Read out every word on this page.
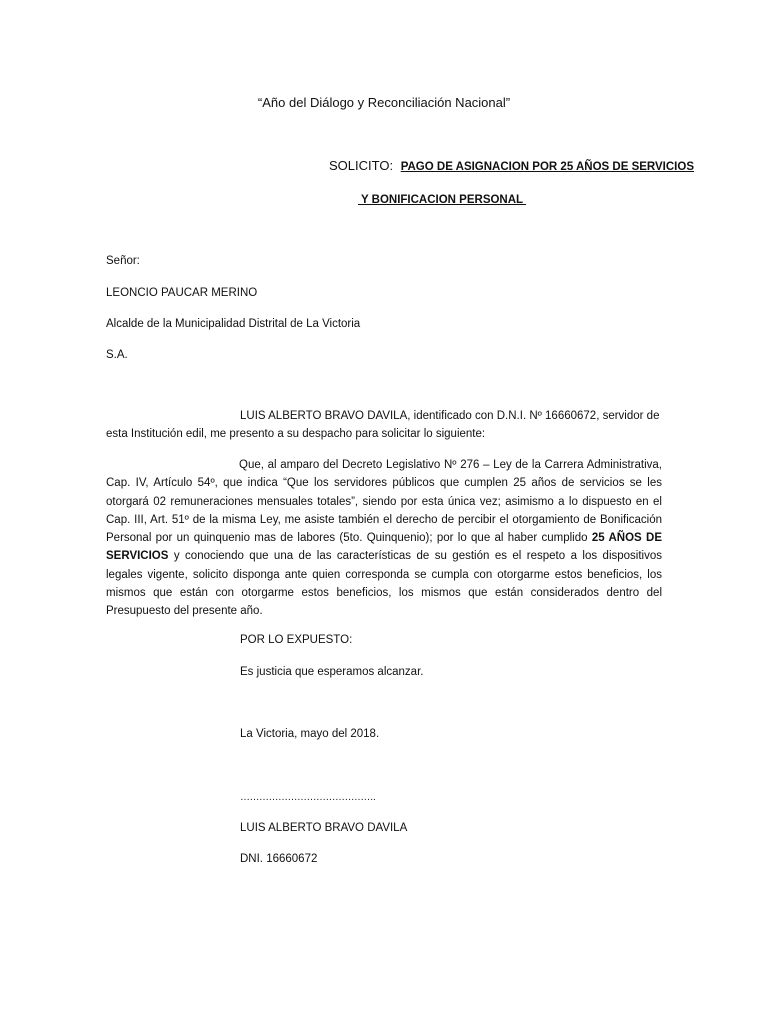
“Año del Diálogo y Reconciliación Nacional”
SOLICITO: PAGO DE ASIGNACION POR 25 AÑOS DE SERVICIOS
Y BONIFICACION PERSONAL
Señor:
LEONCIO PAUCAR MERINO
Alcalde de la Municipalidad Distrital de La Victoria
S.A.
LUIS ALBERTO BRAVO DAVILA, identificado con D.N.I. Nº 16660672, servidor de
esta Institución edil, me presento a su despacho para solicitar lo siguiente:
Que, al amparo del Decreto Legislativo Nº 276 – Ley de la Carrera Administrativa, Cap. IV, Artículo 54º, que indica “Que los servidores públicos que cumplen 25 años de servicios se les otorgará 02 remuneraciones mensuales totales”, siendo por esta única vez; asimismo a lo dispuesto en el Cap. III, Art. 51º de la misma Ley, me asiste también el derecho de percibir el otorgamiento de Bonificación Personal por un quinquenio mas de labores (5to. Quinquenio); por lo que al haber cumplido 25 AÑOS DE SERVICIOS y conociendo que una de las características de su gestión es el respeto a los dispositivos legales vigente, solicito disponga ante quien corresponda se cumpla con otorgarme estos beneficios, los mismos que están con otorgarme estos beneficios, los mismos que están considerados dentro del Presupuesto del presente año.
POR LO EXPUESTO:
Es justicia que esperamos alcanzar.
La Victoria, mayo del 2018.
…………………………………….
LUIS ALBERTO BRAVO DAVILA
DNI. 16660672
